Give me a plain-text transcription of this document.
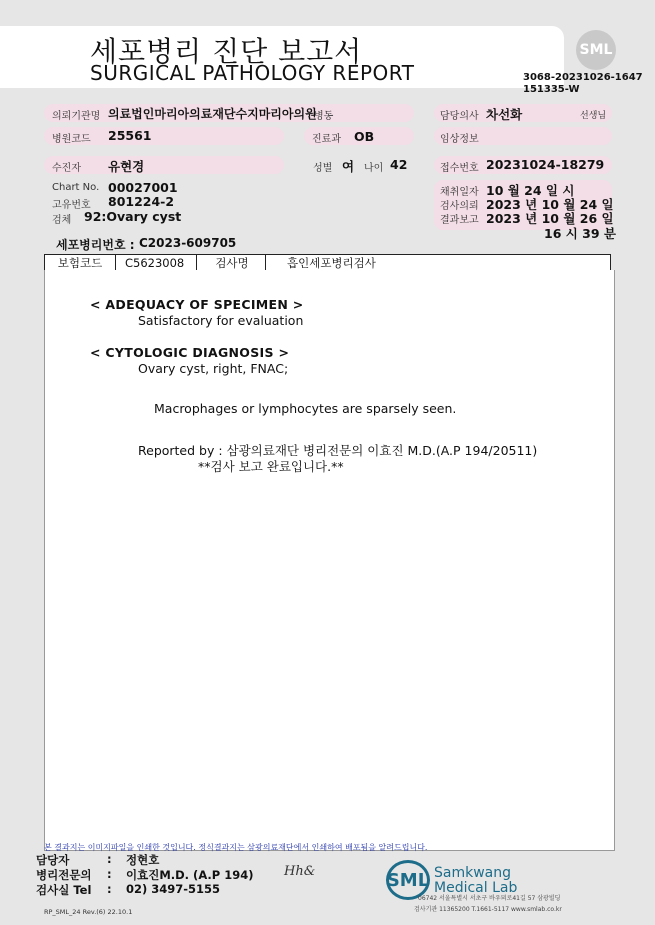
세포병리 진단 보고서
SURGICAL PATHOLOGY REPORT
SML
3068-20231026-1647
151335-W
의뢰기관명 의료법인마리아의료재단수지마리아의원
병동	담당의사 차선화	선생님
병원코드 25561	진료과 OB	임상정보
수진자 유현경	성별 여 나이 42	접수번호 20231024-18279
Chart No. 00027001
고유번호 801224-2
검체 92:Ovary cyst
채취일자 10 월 24 일 시
검사의뢰 2023 년 10 월 24 일
결과보고 2023 년 10 월 26 일
16 시 39 분
세포병리번호 : C2023-609705
보험코드	C5623008	검사명	흡인세포병리검사
< ADEQUACY OF SPECIMEN >
Satisfactory for evaluation
< CYTOLOGIC DIAGNOSIS >
Ovary cyst, right, FNAC;
Macrophages or lymphocytes are sparsely seen.
Reported by : 삼광의료재단 병리전문의 이효진 M.D.(A.P 194/20511)
**검사 보고 완료입니다.**
본 결과지는 이미지파일을 인쇄한 것입니다. 정식결과지는 삼광의료재단에서 인쇄하여 배포됨을 알려드립니다.
담당자	: 정현호
병리전문의 : 이효진M.D. (A.P 194) Hh&
검사실 Tel : 02) 3497-5155
RP_SML_24 Rev.(6) 22.10.1
SML Samkwang
Medical Lab
06742 서울특별시 서초구 바우뫼로41길 57 삼광빌딩
검사기관 11365200 T.1661-5117 www.smlab.co.kr
